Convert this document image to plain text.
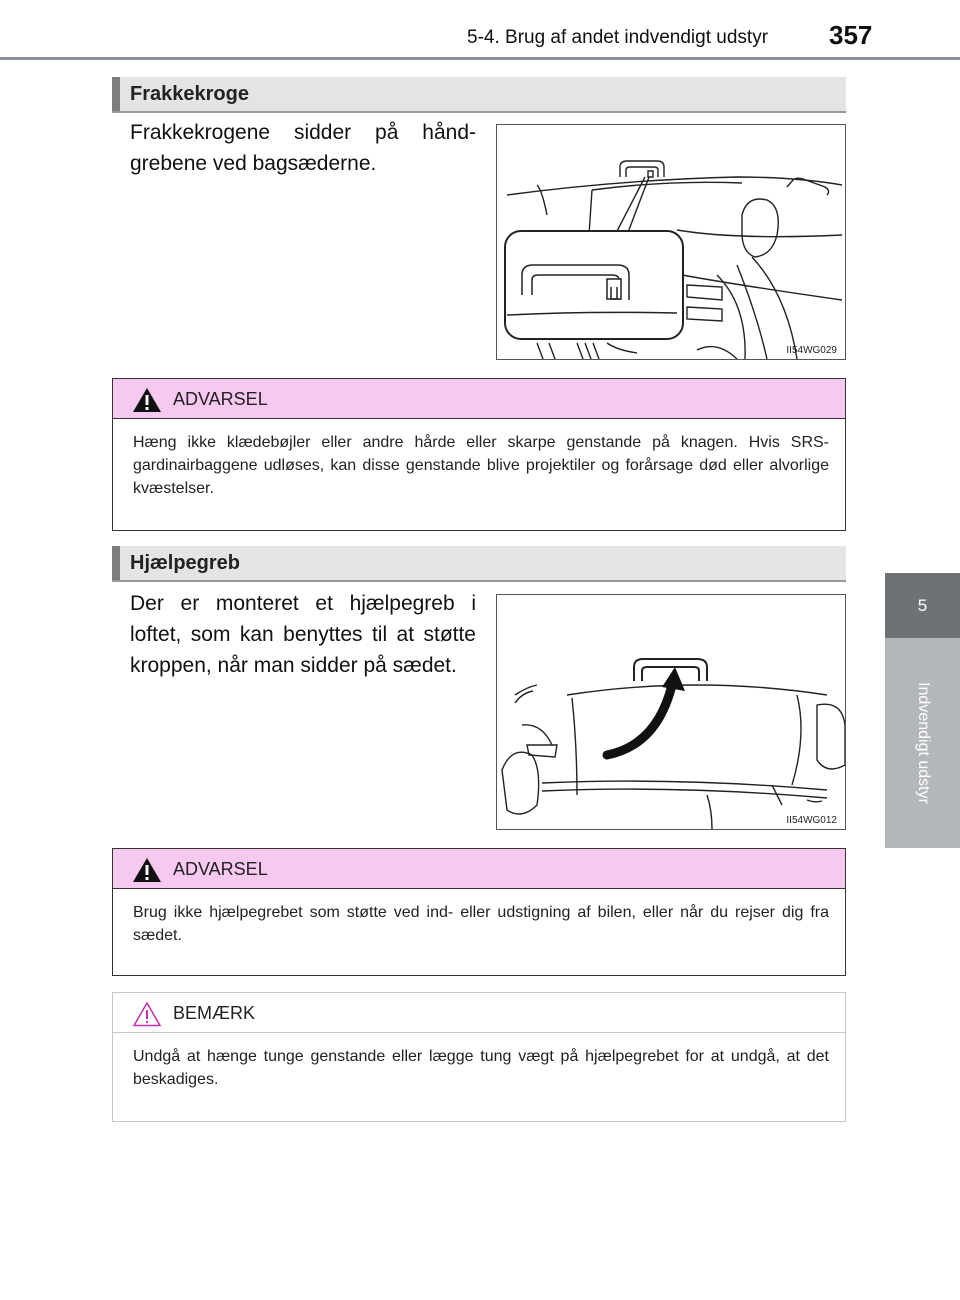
5-4. Brug af andet indvendigt udstyr 357
5
Indvendigt udstyr
Frakkekroge
Frakkekrogene sidder på håndgrebene ved bagsæderne.
II54WG029
ADVARSEL
Hæng ikke klædebøjler eller andre hårde eller skarpe genstande på knagen. Hvis SRS-gardinairbaggene udløses, kan disse genstande blive projektiler og forårsage død eller alvorlige kvæstelser.
Hjælpegreb
Der er monteret et hjælpegreb i loftet, som kan benyttes til at støtte kroppen, når man sidder på sædet.
II54WG012
ADVARSEL
Brug ikke hjælpegrebet som støtte ved ind- eller udstigning af bilen, eller når du rejser dig fra sædet.
BEMÆRK
Undgå at hænge tunge genstande eller lægge tung vægt på hjælpegrebet for at undgå, at det beskadiges.
